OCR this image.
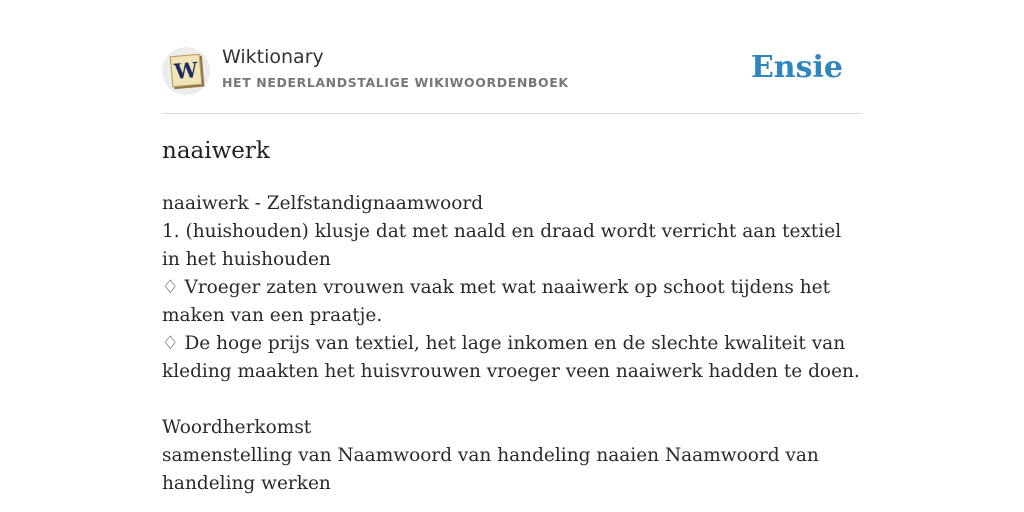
W
Wiktionary
HET NEDERLANDSTALIGE WIKIWOORDENBOEK	Ensie
naaiwerk

naaiwerk - Zelfstandignaamwoord

1. (huishouden) klusje dat met naald en draad wordt verricht aan textiel in het huishouden

♢ Vroeger zaten vrouwen vaak met wat naaiwerk op schoot tijdens het maken van een praatje.

♢ De hoge prijs van textiel, het lage inkomen en de slechte kwaliteit van kleding maakten het huisvrouwen vroeger veen naaiwerk hadden te doen.

Woordherkomst

samenstelling van Naamwoord van handeling naaien Naamwoord van handeling werken
